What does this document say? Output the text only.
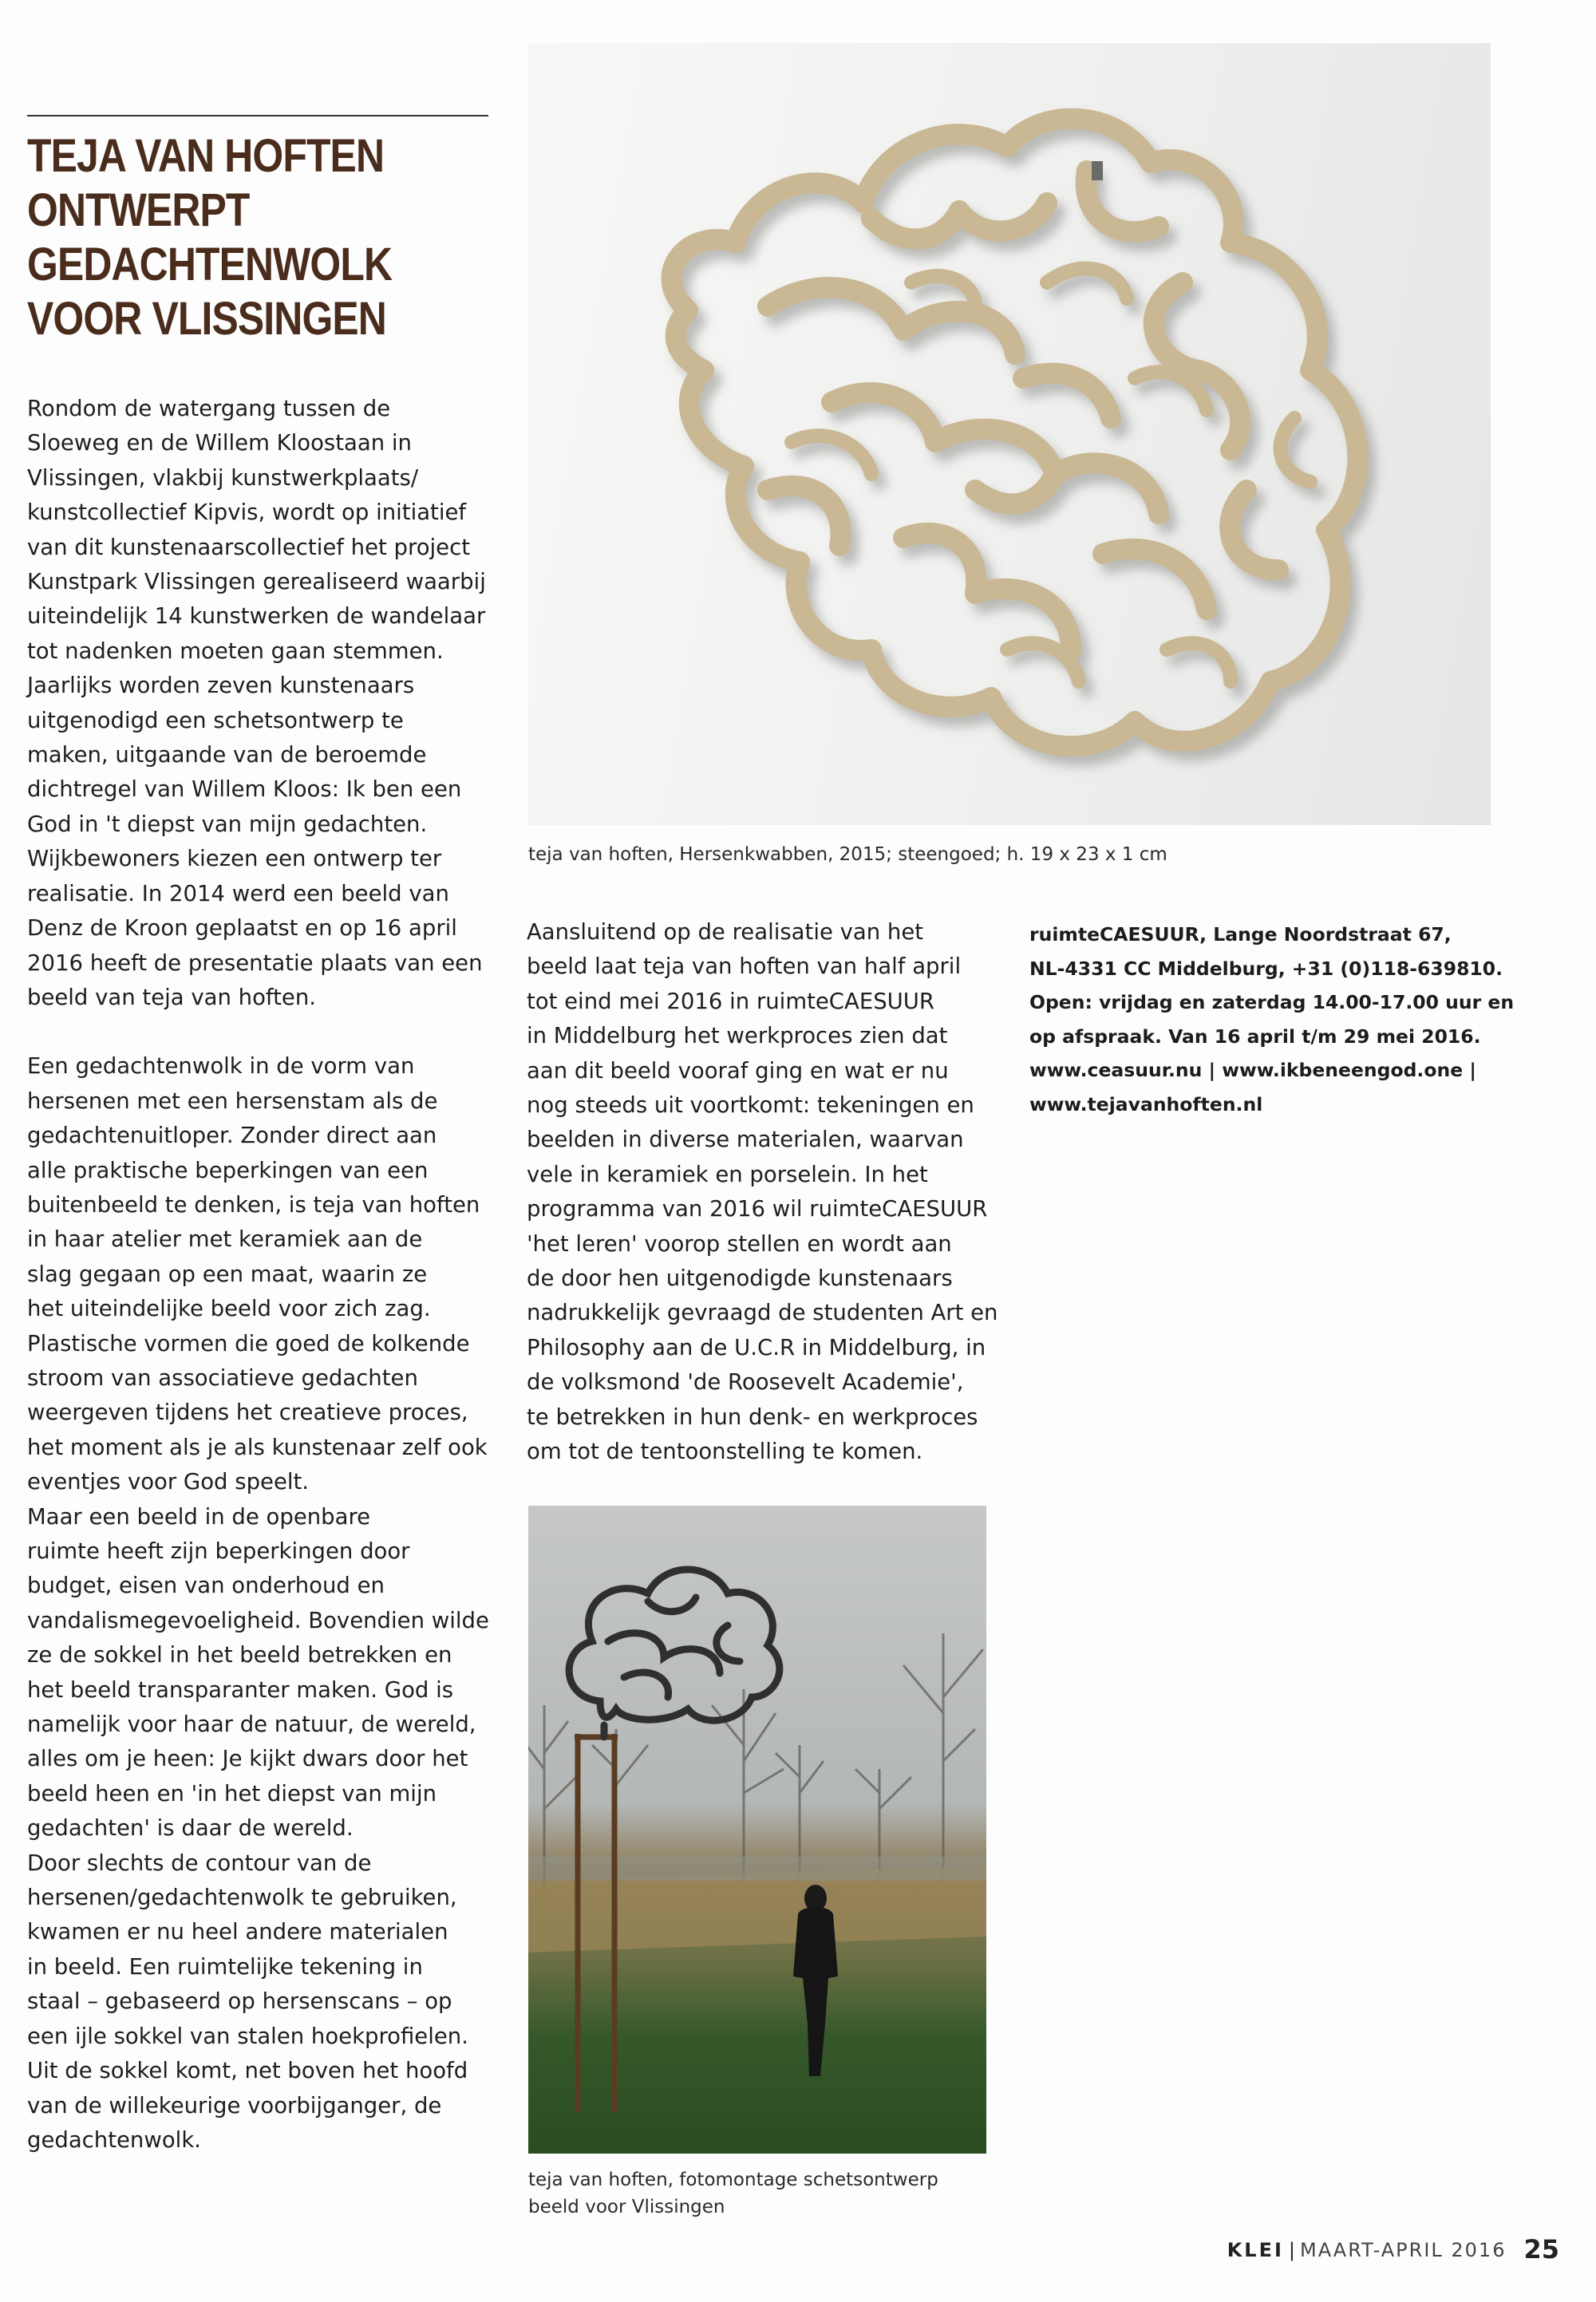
TEJA VAN HOFTEN
ONTWERPT
GEDACHTENWOLK
VOOR VLISSINGEN

Rondom de watergang tussen de
Sloeweg en de Willem Kloostaan in
Vlissingen, vlakbij kunstwerkplaats/
kunstcollectief Kipvis, wordt op initiatief
van dit kunstenaarscollectief het project
Kunstpark Vlissingen gerealiseerd waarbij
uiteindelijk 14 kunstwerken de wandelaar
tot nadenken moeten gaan stemmen.
Jaarlijks worden zeven kunstenaars
uitgenodigd een schetsontwerp te
maken, uitgaande van de beroemde
dichtregel van Willem Kloos: Ik ben een
God in 't diepst van mijn gedachten.
Wijkbewoners kiezen een ontwerp ter
realisatie. In 2014 werd een beeld van
Denz de Kroon geplaatst en op 16 april
2016 heeft de presentatie plaats van een
beeld van teja van hoften.

Een gedachtenwolk in de vorm van
hersenen met een hersenstam als de
gedachtenuitloper. Zonder direct aan
alle praktische beperkingen van een
buitenbeeld te denken, is teja van hoften
in haar atelier met keramiek aan de
slag gegaan op een maat, waarin ze
het uiteindelijke beeld voor zich zag.
Plastische vormen die goed de kolkende
stroom van associatieve gedachten
weergeven tijdens het creatieve proces,
het moment als je als kunstenaar zelf ook
eventjes voor God speelt.
Maar een beeld in de openbare
ruimte heeft zijn beperkingen door
budget, eisen van onderhoud en
vandalismegevoeligheid. Bovendien wilde
ze de sokkel in het beeld betrekken en
het beeld transparanter maken. God is
namelijk voor haar de natuur, de wereld,
alles om je heen: Je kijkt dwars door het
beeld heen en 'in het diepst van mijn
gedachten' is daar de wereld.
Door slechts de contour van de
hersenen/gedachtenwolk te gebruiken,
kwamen er nu heel andere materialen
in beeld. Een ruimtelijke tekening in
staal – gebaseerd op hersenscans – op
een ijle sokkel van stalen hoekprofielen.
Uit de sokkel komt, net boven het hoofd
van de willekeurige voorbijganger, de
gedachtenwolk.

teja van hoften, Hersenkwabben, 2015; steengoed; h. 19 x 23 x 1 cm

Aansluitend op de realisatie van het
beeld laat teja van hoften van half april
tot eind mei 2016 in ruimteCAESUUR
in Middelburg het werkproces zien dat
aan dit beeld vooraf ging en wat er nu
nog steeds uit voortkomt: tekeningen en
beelden in diverse materialen, waarvan
vele in keramiek en porselein. In het
programma van 2016 wil ruimteCAESUUR
'het leren' voorop stellen en wordt aan
de door hen uitgenodigde kunstenaars
nadrukkelijk gevraagd de studenten Art en
Philosophy aan de U.C.R in Middelburg, in
de volksmond 'de Roosevelt Academie',
te betrekken in hun denk- en werkproces
om tot de tentoonstelling te komen.

ruimteCAESUUR, Lange Noordstraat 67,
NL-4331 CC Middelburg, +31 (0)118-639810.
Open: vrijdag en zaterdag 14.00-17.00 uur en
op afspraak. Van 16 april t/m 29 mei 2016.
www.ceasuur.nu | www.ikbeneengod.one |
www.tejavanhoften.nl
teja van hoften, fotomontage schetsontwerp
beeld voor Vlissingen
KLEI | MAART-APRIL 2016 25
